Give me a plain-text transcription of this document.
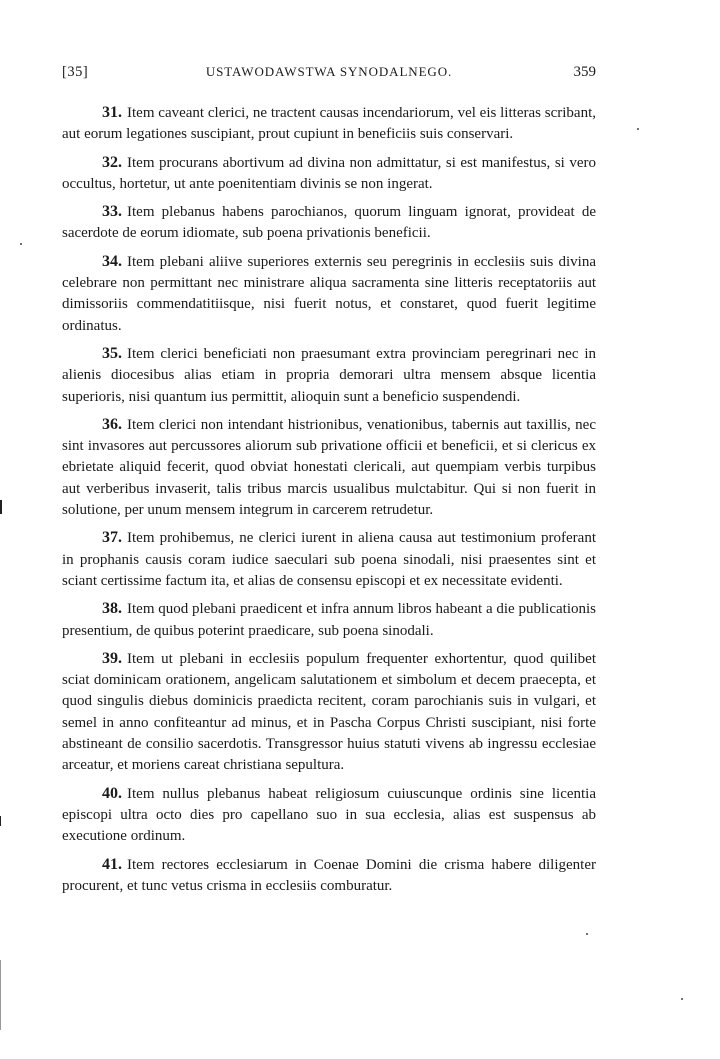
[35]	USTAWODAWSTWA SYNODALNEGO.	359

31. Item caveant clerici, ne tractent causas incendariorum, vel eis litteras scribant, aut eorum legationes suscipiant, prout cupiunt in beneficiis suis conservari.

32. Item procurans abortivum ad divina non admittatur, si est manifestus, si vero occultus, hortetur, ut ante poenitentiam divinis se non ingerat.

33. Item plebanus habens parochianos, quorum linguam ignorat, provideat de sacerdote de eorum idiomate, sub poena privationis beneficii.

34. Item plebani aliive superiores externis seu peregrinis in ecclesiis suis divina celebrare non permittant nec ministrare aliqua sacramenta sine litteris receptatoriis aut dimissoriis commendatitiisque, nisi fuerit notus, et constaret, quod fuerit legitime ordinatus.

35. Item clerici beneficiati non praesumant extra provinciam peregrinari nec in alienis diocesibus alias etiam in propria demorari ultra mensem absque licentia superioris, nisi quantum ius permittit, alioquin sunt a beneficio suspendendi.

36. Item clerici non intendant histrionibus, venationibus, tabernis aut taxillis, nec sint invasores aut percussores aliorum sub privatione officii et beneficii, et si clericus ex ebrietate aliquid fecerit, quod obviat honestati clericali, aut quempiam verbis turpibus aut verberibus invaserit, talis tribus marcis usualibus mulctabitur. Qui si non fuerit in solutione, per unum mensem integrum in carcerem retrudetur.

37. Item prohibemus, ne clerici iurent in aliena causa aut testimonium proferant in prophanis causis coram iudice saeculari sub poena sinodali, nisi praesentes sint et sciant certissime factum ita, et alias de consensu episcopi et ex necessitate evidenti.

38. Item quod plebani praedicent et infra annum libros habeant a die publicationis presentium, de quibus poterint praedicare, sub poena sinodali.

39. Item ut plebani in ecclesiis populum frequenter exhortentur, quod quilibet sciat dominicam orationem, angelicam salutationem et simbolum et decem praecepta, et quod singulis diebus dominicis praedicta recitent, coram parochianis suis in vulgari, et semel in anno confiteantur ad minus, et in Pascha Corpus Christi suscipiant, nisi forte abstineant de consilio sacerdotis. Transgressor huius statuti vivens ab ingressu ecclesiae arceatur, et moriens careat christiana sepultura.

40. Item nullus plebanus habeat religiosum cuiuscunque ordinis sine licentia episcopi ultra octo dies pro capellano suo in sua ecclesia, alias est suspensus ab executione ordinum.

41. Item rectores ecclesiarum in Coenae Domini die crisma habere diligenter procurent, et tunc vetus crisma in ecclesiis comburatur.
